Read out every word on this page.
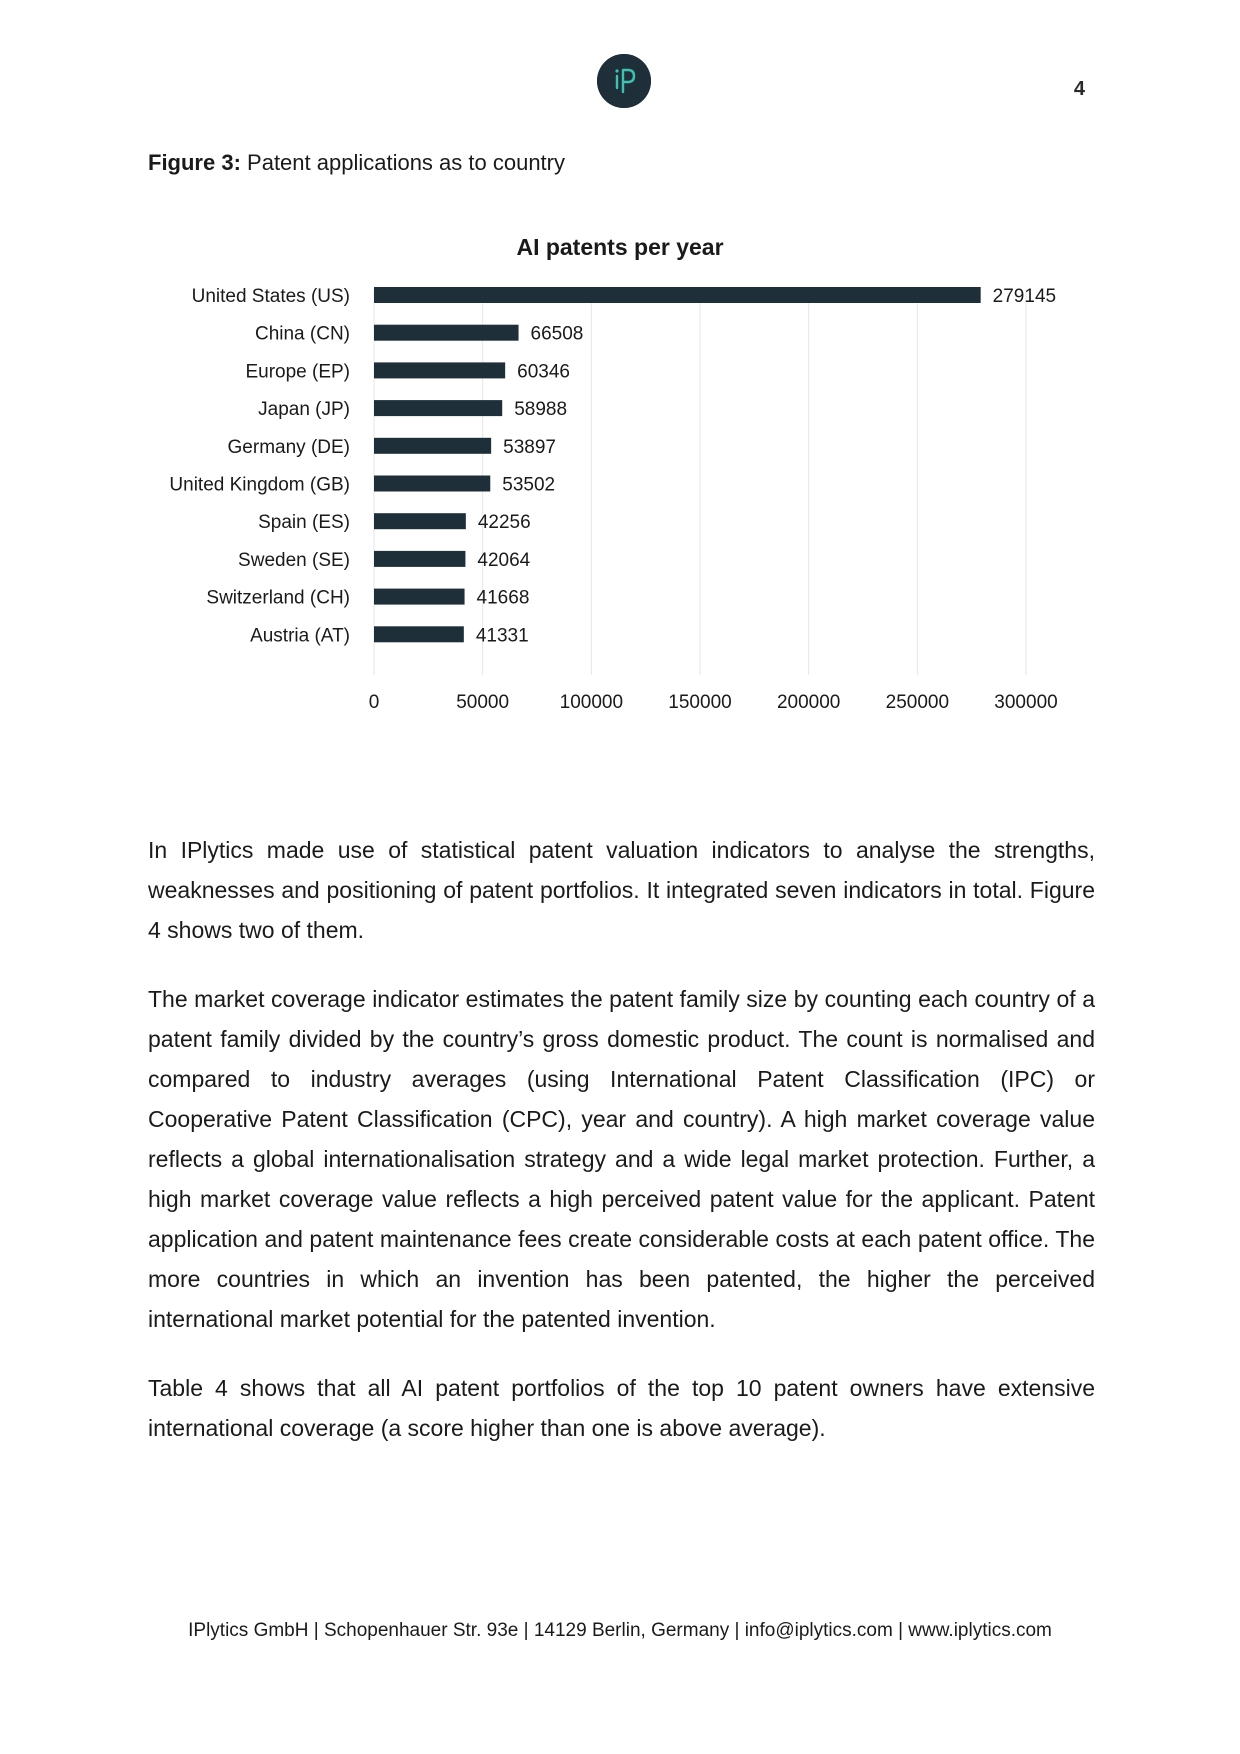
4
Figure 3: Patent applications as to country
AI patents per year
United States (US)
China (CN)
Europe (EP)
Japan (JP)
Germany (DE)
United Kingdom (GB)
Spain (ES)
Sweden (SE)
Switzerland (CH)
Austria (AT)
279145
66508
60346
58988
53897
53502
42256
42064
41668
41331
0	50000	100000 150000 200000 250000 300000

In IPlytics made use of statistical patent valuation indicators to analyse the strengths, weaknesses and positioning of patent portfolios. It integrated seven indicators in total. Figure 4 shows two of them.

The market coverage indicator estimates the patent family size by counting each country of a patent family divided by the country’s gross domestic product. The count is normalised and compared to industry averages (using International Patent Classification (IPC) or Cooperative Patent Classification (CPC), year and country). A high market coverage value reflects a global internationalisation strategy and a wide legal market protection. Further, a high market coverage value reflects a high perceived patent value for the applicant. Patent application and patent maintenance fees create considerable costs at each patent office. The more countries in which an invention has been patented, the higher the perceived international market potential for the patented invention.

Table 4 shows that all AI patent portfolios of the top 10 patent owners have extensive international coverage (a score higher than one is above average).

IPlytics GmbH | Schopenhauer Str. 93e | 14129 Berlin, Germany | info@iplytics.com | www.iplytics.com
